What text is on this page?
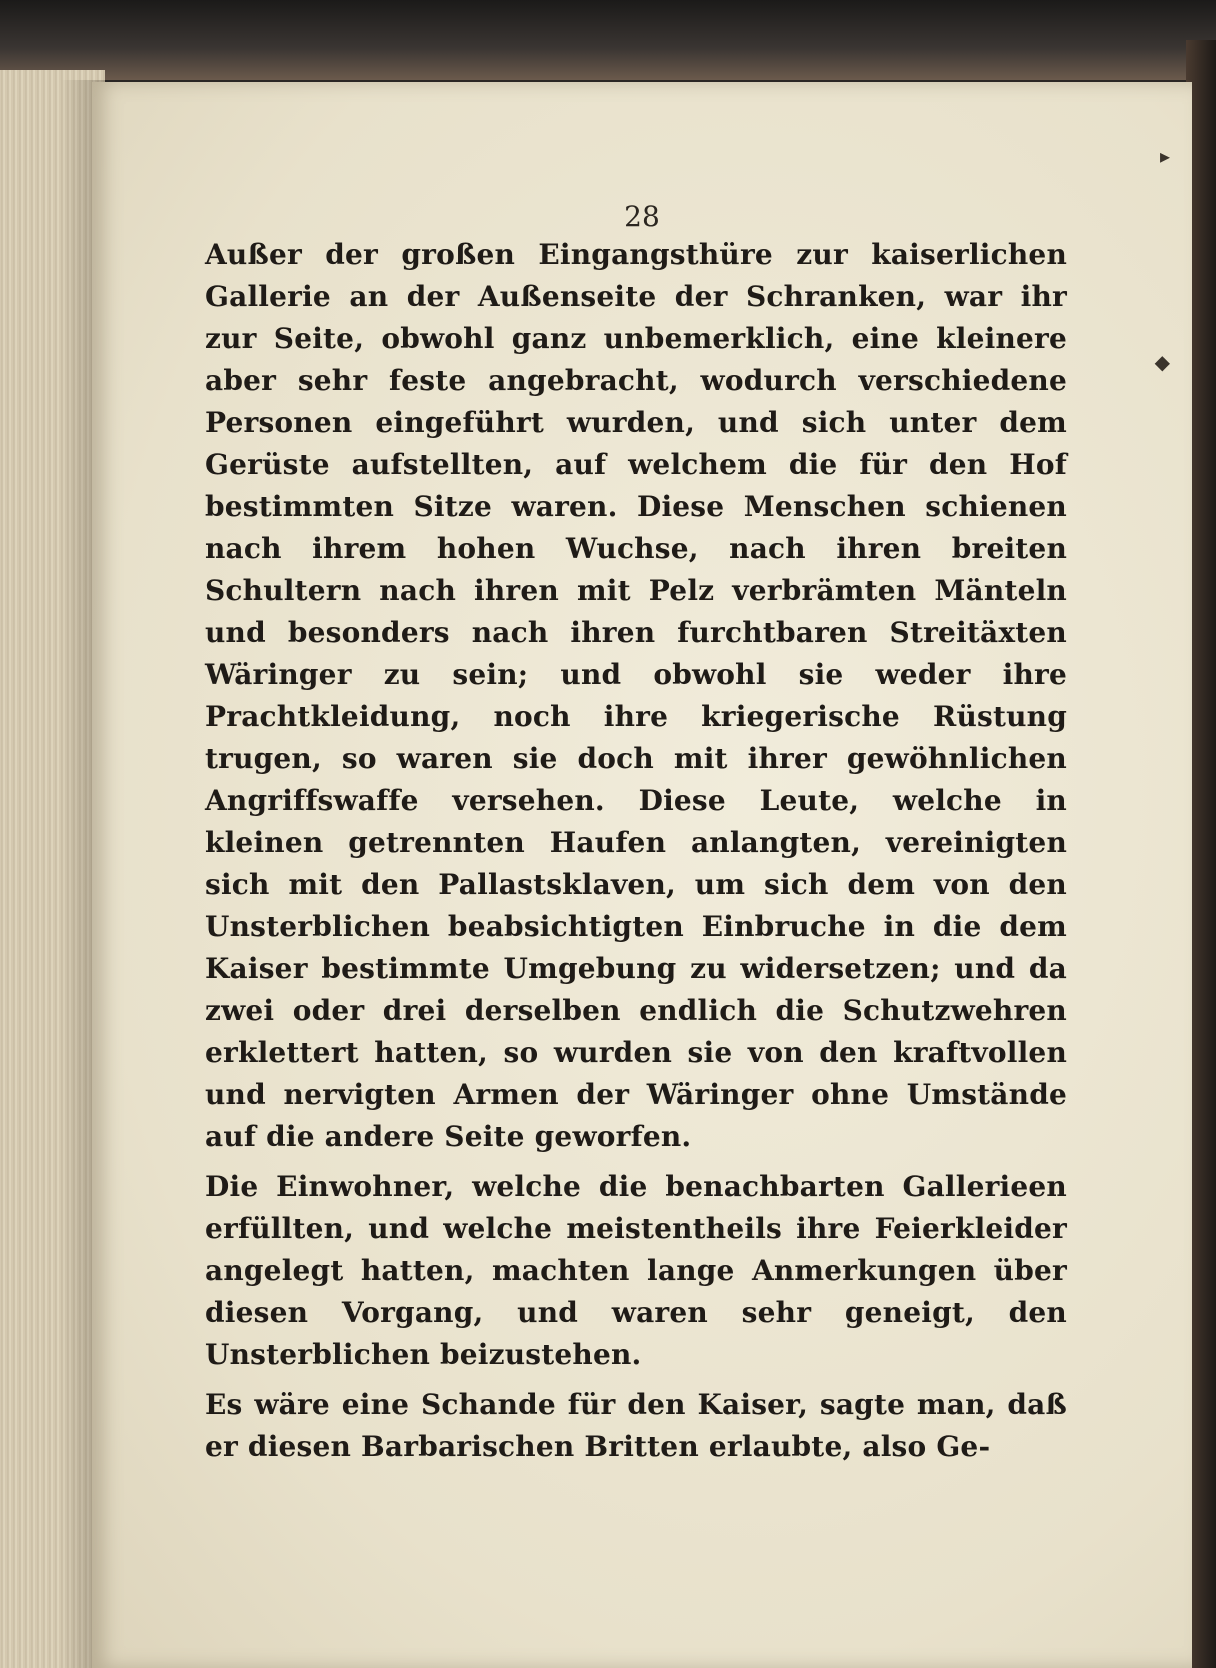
▸
◆
28

Außer der großen Eingangsthüre zur kaiserlichen Gallerie an der Außenseite der Schranken, war ihr zur Seite, obwohl ganz unbemerklich, eine kleinere aber sehr feste angebracht, wodurch verschiedene Personen eingeführt wurden, und sich unter dem Gerüste aufstellten, auf welchem die für den Hof bestimmten Sitze waren. Diese Menschen schienen nach ihrem hohen Wuchse, nach ihren breiten Schultern nach ihren mit Pelz verbrämten Mänteln und besonders nach ihren furchtbaren Streitäxten Wäringer zu sein; und obwohl sie weder ihre Prachtkleidung, noch ihre kriegerische Rüstung trugen, so waren sie doch mit ihrer gewöhnlichen Angriffswaffe versehen. Diese Leute, welche in kleinen getrennten Haufen anlangten, vereinigten sich mit den Pallastsklaven, um sich dem von den Unsterblichen beabsichtigten Einbruche in die dem Kaiser bestimmte Umgebung zu widersetzen; und da zwei oder drei derselben endlich die Schutzwehren erklettert hatten, so wurden sie von den kraftvollen und nervigten Armen der Wäringer ohne Umstände auf die andere Seite geworfen.

Die Einwohner, welche die benachbarten Gallerieen erfüllten, und welche meistentheils ihre Feierkleider angelegt hatten, machten lange Anmerkungen über diesen Vorgang, und waren sehr geneigt, den Unsterblichen beizustehen.

Es wäre eine Schande für den Kaiser, sagte man, daß er diesen Barbarischen Britten erlaubte, also Ge-
